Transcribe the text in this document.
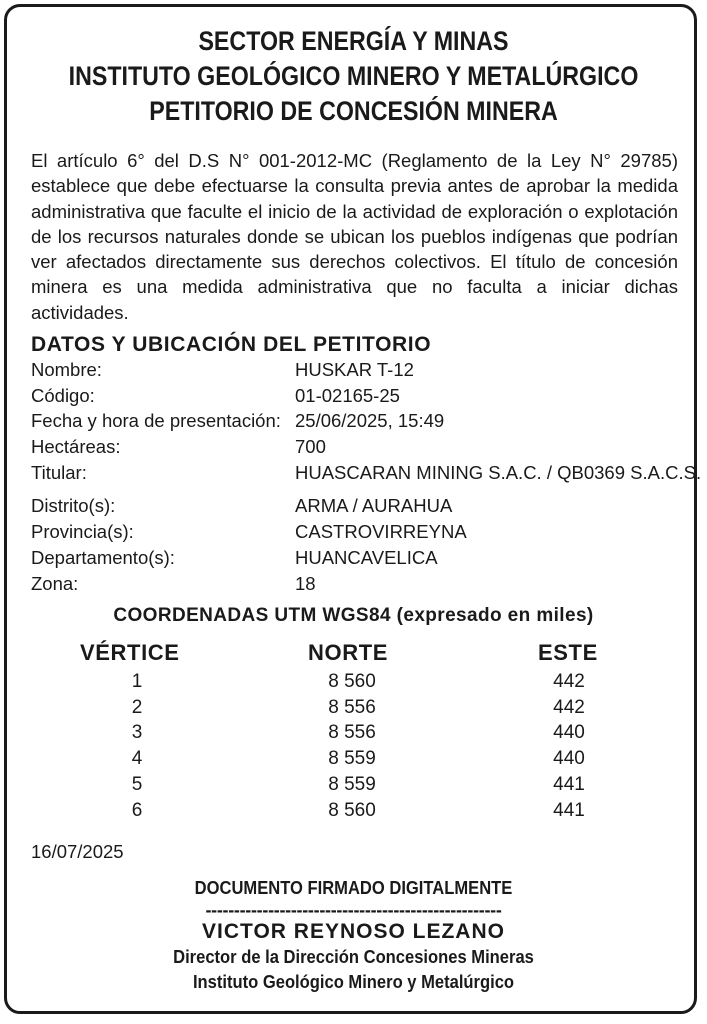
SECTOR ENERGÍA Y MINAS
INSTITUTO GEOLÓGICO MINERO Y METALÚRGICO
PETITORIO DE CONCESIÓN MINERA
El artículo 6° del D.S N° 001-2012-MC (Reglamento de la Ley N° 29785) establece que debe efectuarse la consulta previa antes de aprobar la medida administrativa que faculte el inicio de la actividad de exploración o explotación de los recursos naturales donde se ubican los pueblos indígenas que podrían ver afectados directamente sus derechos colectivos. El título de concesión minera es una medida administrativa que no faculta a iniciar dichas actividades.
DATOS Y UBICACIÓN DEL PETITORIO
Nombre:	HUSKAR T-12
Código:	01-02165-25
Fecha y hora de presentación: 25/06/2025, 15:49
Hectáreas:	700
Titular:	HUASCARAN MINING S.A.C. / QB0369 S.A.C.S.
Distrito(s):	ARMA / AURAHUA
Provincia(s):	CASTROVIRREYNA
Departamento(s):	HUANCAVELICA
Zona:	18
COORDENADAS UTM WGS84 (expresado en miles)
VÉRTICE	NORTE	ESTE
1	8 560	442
2	8 556	442
3	8 556	440
4	8 559	440
5	8 559	441
6	8 560	441
16/07/2025
DOCUMENTO FIRMADO DIGITALMENTE
----------------------------------------------------
VICTOR REYNOSO LEZANO
Director de la Dirección Concesiones Mineras
Instituto Geológico Minero y Metalúrgico
